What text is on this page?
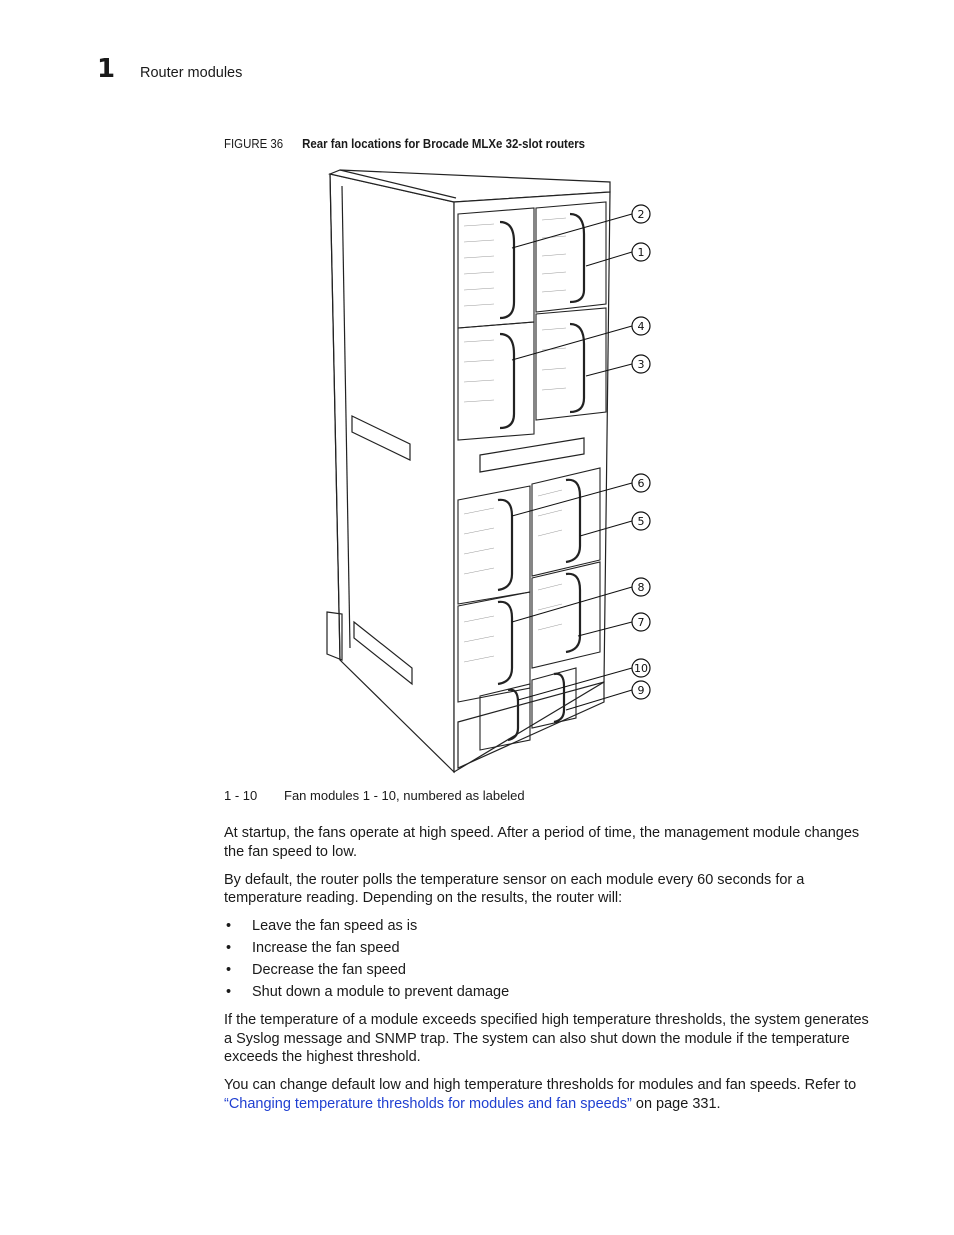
1 Router modules
FIGURE 36 Rear fan locations for Brocade MLXe 32-slot routers
1
2
3
4
5
6
7
8
9
10
1 - 10 Fan modules 1 - 10, numbered as labeled

At startup, the fans operate at high speed. After a period of time, the management module changes the fan speed to low.

By default, the router polls the temperature sensor on each module every 60 seconds for a temperature reading. Depending on the results, the router will:

• Leave the fan speed as is
• Increase the fan speed
• Decrease the fan speed
• Shut down a module to prevent damage

If the temperature of a module exceeds specified high temperature thresholds, the system generates a Syslog message and SNMP trap. The system can also shut down the module if the temperature exceeds the highest threshold.

You can change default low and high temperature thresholds for modules and fan speeds. Refer to “Changing temperature thresholds for modules and fan speeds” on page 331.
